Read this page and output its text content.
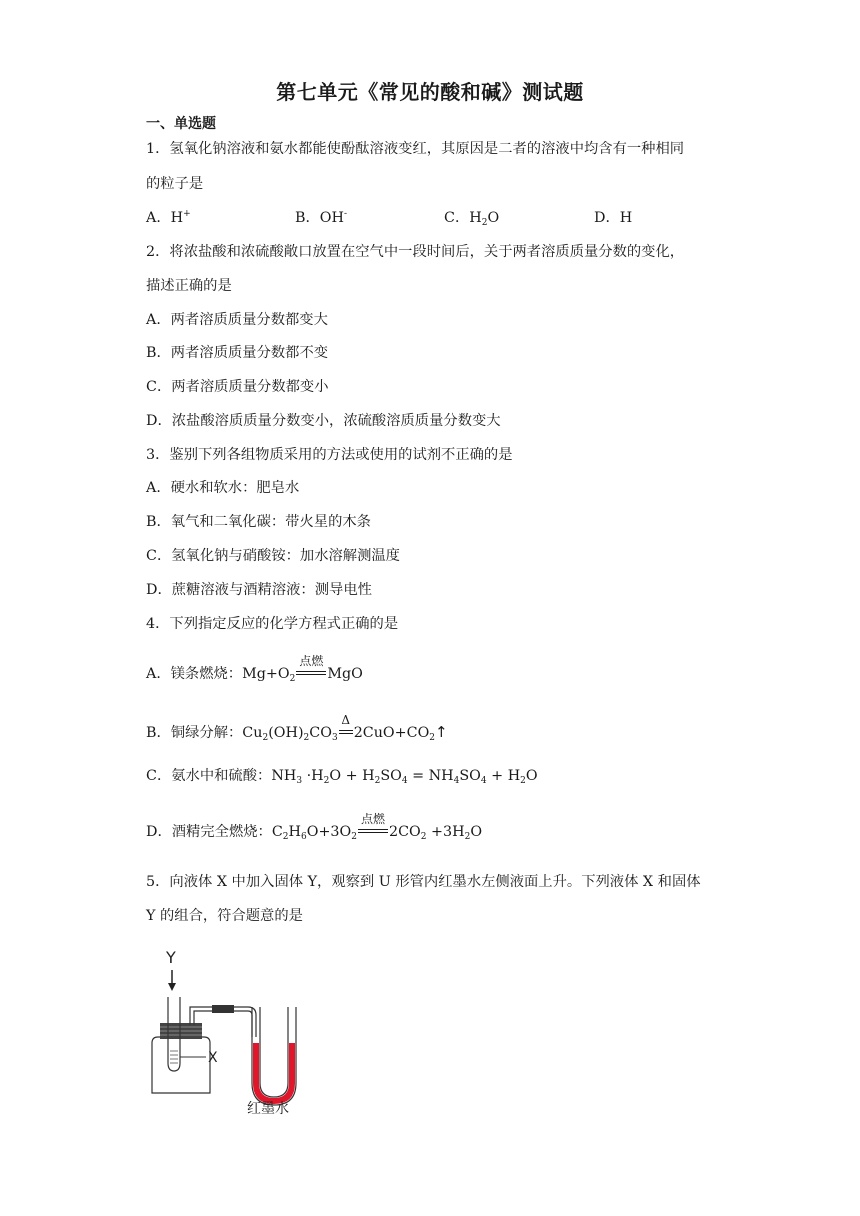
第七单元《常见的酸和碱》测试题
一、单选题
1．氢氧化钠溶液和氨水都能使酚酞溶液变红，其原因是二者的溶液中均含有一种相同
的粒子是
A．H+	B．OH-	C．$H_2O$	D．H
2．将浓盐酸和浓硫酸敞口放置在空气中一段时间后，关于两者溶质质量分数的变化，
描述正确的是
A．两者溶质质量分数都变大
B．两者溶质质量分数都不变
C．两者溶质质量分数都变小
D．浓盐酸溶质质量分数变小，浓硫酸溶质质量分数变大
3．鉴别下列各组物质采用的方法或使用的试剂不正确的是
A．硬水和软水：肥皂水
B．氧气和二氧化碳：带火星的木条
C．氢氧化钠与硝酸铵：加水溶解测温度
D．蔗糖溶液与酒精溶液：测导电性
4．下列指定反应的化学方程式正确的是
A．镁条燃烧：$Mg+O_2$
点燃
MgO
B．铜绿分解：$Cu_2(OH)_2CO_3$
Δ
$2CuO+CO_2↑$
C．氨水中和硫酸：$NH_3 \cdot H_2O + H_2SO_4 = NH_4SO_4 + H_2O$
D．酒精完全燃烧：$C_2H_6O+3O_2$
点燃
$2CO_2 +3H_2O$
5．向液体 X 中加入固体 Y，观察到 U 形管内红墨水左侧液面上升。下列液体 X 和固体
Y 的组合，符合题意的是
Y
X
红墨水
